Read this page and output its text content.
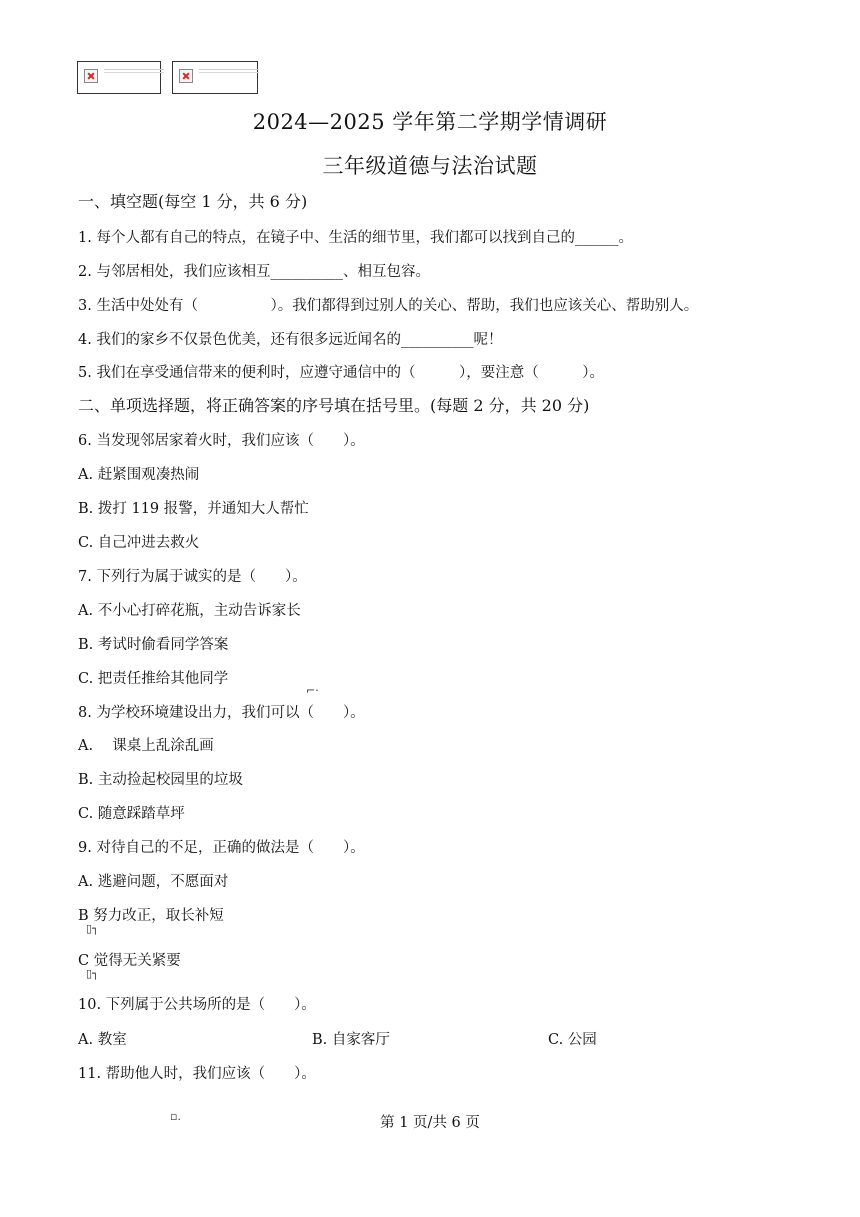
2024—2025 学年第二学期学情调研
三年级道德与法治试题
一、填空题(每空 1 分，共 6 分)
1. 每个人都有自己的特点，在镜子中、生活的细节里，我们都可以找到自己的______。
2. 与邻居相处，我们应该相互__________、相互包容。
3. 生活中处处有（　　　　　）。我们都得到过别人的关心、帮助，我们也应该关心、帮助别人。
4. 我们的家乡不仅景色优美，还有很多远近闻名的__________呢！
5. 我们在享受通信带来的便利时，应遵守通信中的（　　　），要注意（　　　）。
二、单项选择题，将正确答案的序号填在括号里。(每题 2 分，共 20 分)
6. 当发现邻居家着火时，我们应该（　　）。
A. 赶紧围观凑热闹
B. 拨打 119 报警，并通知大人帮忙
C. 自己冲进去救火
7. 下列行为属于诚实的是（　　）。
A. 不小心打碎花瓶，主动告诉家长
B. 考试时偷看同学答案
C. 把责任推给其他同学
⌐·
8. 为学校环境建设出力，我们可以（　　）。
A.　 课桌上乱涂乱画
B. 主动捡起校园里的垃圾
C. 随意踩踏草坪
9. 对待自己的不足，正确的做法是（　　）。
A. 逃避问题，不愿面对
B 努力改正，取长补短
▯┐
C 觉得无关紧要
▯┐
10. 下列属于公共场所的是（　　）。
A. 教室	B. 自家客厅	C. 公园
11. 帮助他人时，我们应该（　　）。
▫.	第 1 页/共 6 页
